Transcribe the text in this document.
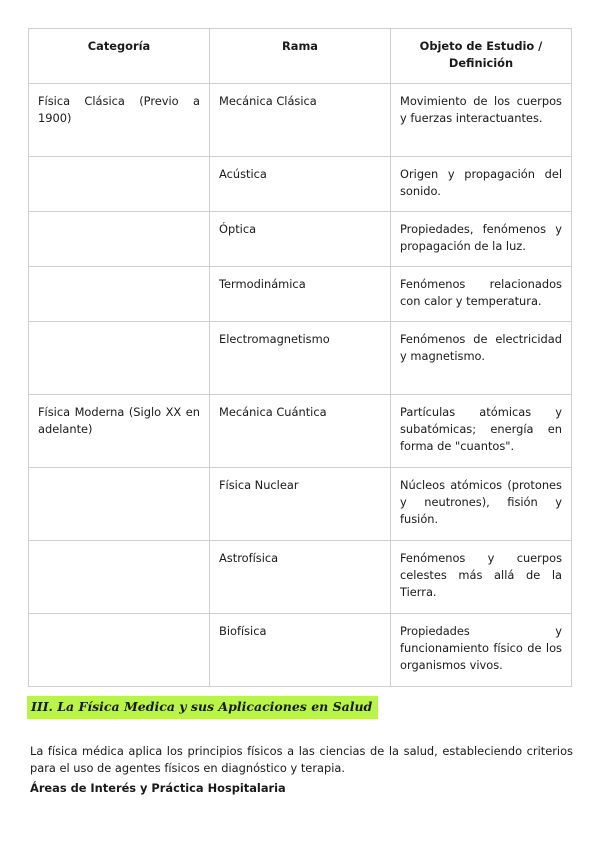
Categoría	Rama	Objeto de Estudio / Definición
Física Clásica (Previo a 1900)	Mecánica Clásica	Movimiento de los cuerpos y fuerzas interactuantes.
	Acústica	Origen y propagación del sonido.
	Óptica	Propiedades, fenómenos y propagación de la luz.
	Termodinámica	Fenómenos relacionados con calor y temperatura.
	Electromagnetismo	Fenómenos de electricidad y magnetismo.
Física Moderna (Siglo XX en adelante)	Mecánica Cuántica	Partículas atómicas y subatómicas; energía en forma de "cuantos".
	Física Nuclear	Núcleos atómicos (protones y neutrones), fisión y fusión.
	Astrofísica	Fenómenos y cuerpos celestes más allá de la Tierra.
	Biofísica	Propiedades y funcionamiento físico de los organismos vivos.
III. La Física Medica y sus Aplicaciones en Salud

La física médica aplica los principios físicos a las ciencias de la salud, estableciendo criterios para el uso de agentes físicos en diagnóstico y terapia.

Áreas de Interés y Práctica Hospitalaria
